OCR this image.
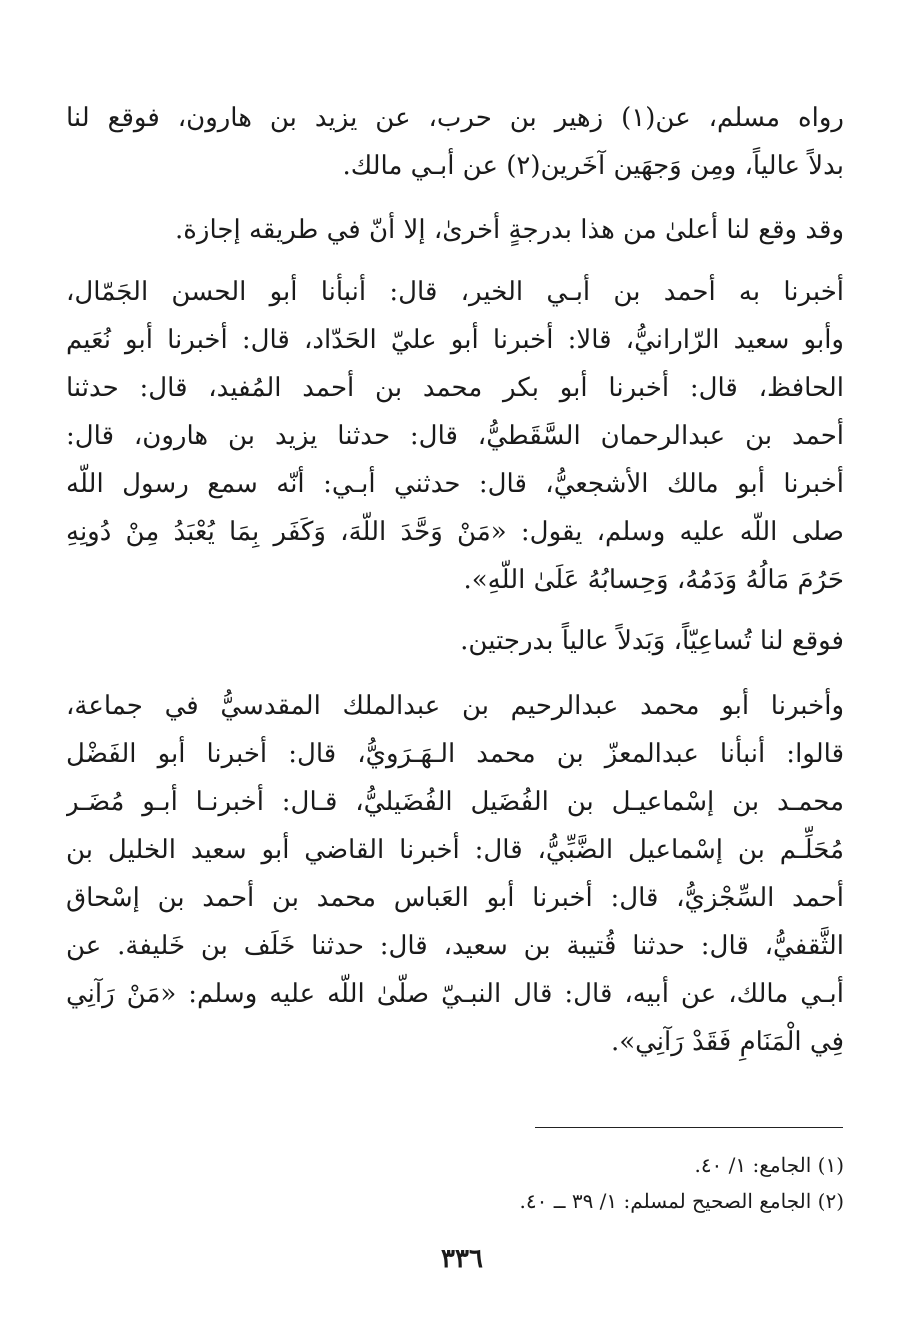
رواه مسلم، عن(١) زهير بن حرب، عن يزيد بن هارون، فوقع لنا
بدلاً عالياً، ومِن وَجهَين آخَرين(٢) عن أبـي مالك.
وقد وقع لنا أعلىٰ من هذا بدرجةٍ أخرىٰ، إلا أنّ في طريقه إجازة.
أخبرنا به أحمد بن أبـي الخير، قال: أنبأنا أبو الحسن الجَمّال،
وأبو سعيد الرّارانيُّ، قالا: أخبرنا أبو عليّ الحَدّاد، قال: أخبرنا أبو نُعَيم
الحافظ، قال: أخبرنا أبو بكر محمد بن أحمد المُفيد، قال: حدثنا
أحمد بن عبدالرحمان السَّقَطيُّ، قال: حدثنا يزيد بن هارون، قال:
أخبرنا أبو مالك الأشجعيُّ، قال: حدثني أبـي: أنّه سمع رسول اللّه
صلى اللّه عليه وسلم، يقول: «مَنْ وَحَّدَ اللّهَ، وَكَفَر بِمَا يُعْبَدُ مِنْ دُونِهِ
حَرُمَ مَالُهُ وَدَمُهُ، وَحِسابُهُ عَلَىٰ اللّهِ».
فوقع لنا تُساعِيّاً، وَبَدلاً عالياً بدرجتين.
وأخبرنا أبو محمد عبدالرحيم بن عبدالملك المقدسيُّ في جماعة،
قالوا: أنبأنا عبدالمعزّ بن محمد الـهَـرَويُّ، قال: أخبرنا أبو الفَضْل
محمـد بن إسْماعيـل بن الفُضَيل الفُضَيليُّ، قـال: أخبرنـا أبـو مُضَـر
مُحَلِّـم بن إسْماعيل الضَّبِّيُّ، قال: أخبرنا القاضي أبو سعيد الخليل بن
أحمد السِّجْزيُّ، قال: أخبرنا أبو العَباس محمد بن أحمد بن إسْحاق
الثَّقفيُّ، قال: حدثنا قُتيبة بن سعيد، قال: حدثنا خَلَف بن خَليفة. عن
أبـي مالك، عن أبيه، قال: قال النبـيّ صلّىٰ اللّه عليه وسلم: «مَنْ رَآنِي
فِي الْمَنَامِ فَقَدْ رَآنِي».
(١) الجامع: ١/ ٤٠.
(٢) الجامع الصحيح لمسلم: ١/ ٣٩ ــ ٤٠.
٣٣٦
